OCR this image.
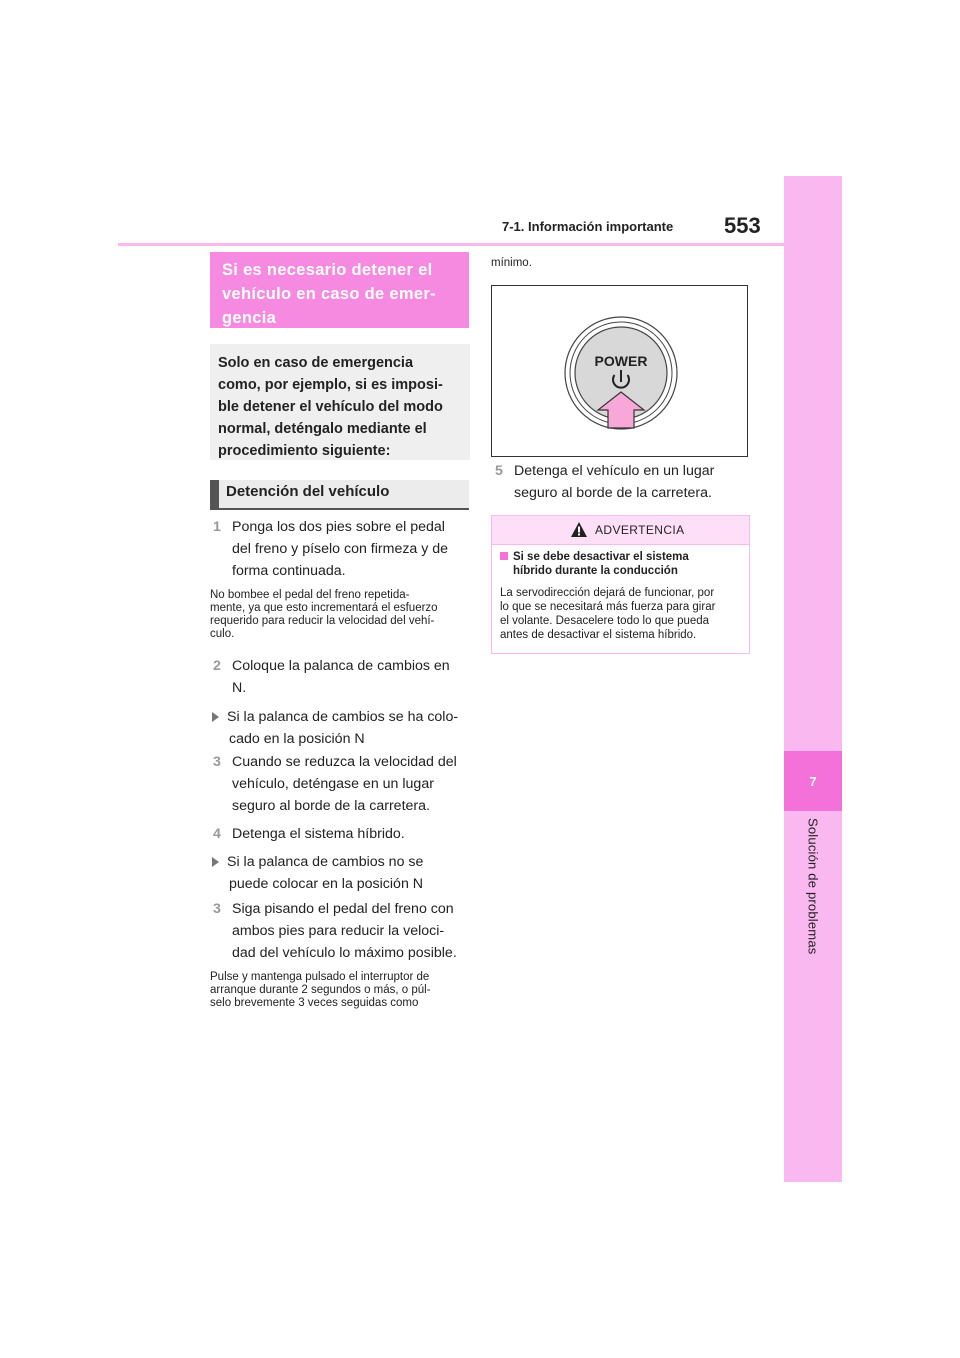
7
Solución de problemas
7-1. Información importante 553
Si es necesario detener el
vehículo en caso de emer-
gencia
Solo en caso de emergencia
como, por ejemplo, si es imposi-
ble detener el vehículo del modo
normal, deténgalo mediante el
procedimiento siguiente:
Detención del vehículo
1 Ponga los dos pies sobre el pedal
del freno y píselo con firmeza y de
forma continuada.
No bombee el pedal del freno repetida-
mente, ya que esto incrementará el esfuerzo
requerido para reducir la velocidad del vehí-
culo.
2 Coloque la palanca de cambios en
N.
Si la palanca de cambios se ha colo-
cado en la posición N
3 Cuando se reduzca la velocidad del
vehículo, deténgase en un lugar
seguro al borde de la carretera.
4 Detenga el sistema híbrido.
Si la palanca de cambios no se
puede colocar en la posición N
3 Siga pisando el pedal del freno con
ambos pies para reducir la veloci-
dad del vehículo lo máximo posible.
Pulse y mantenga pulsado el interruptor de
arranque durante 2 segundos o más, o púl-
selo brevemente 3 veces seguidas como
mínimo.
POWER
5 Detenga el vehículo en un lugar
seguro al borde de la carretera.
ADVERTENCIA
Si se debe desactivar el sistema
híbrido durante la conducción
La servodirección dejará de funcionar, por
lo que se necesitará más fuerza para girar
el volante. Desacelere todo lo que pueda
antes de desactivar el sistema híbrido.
